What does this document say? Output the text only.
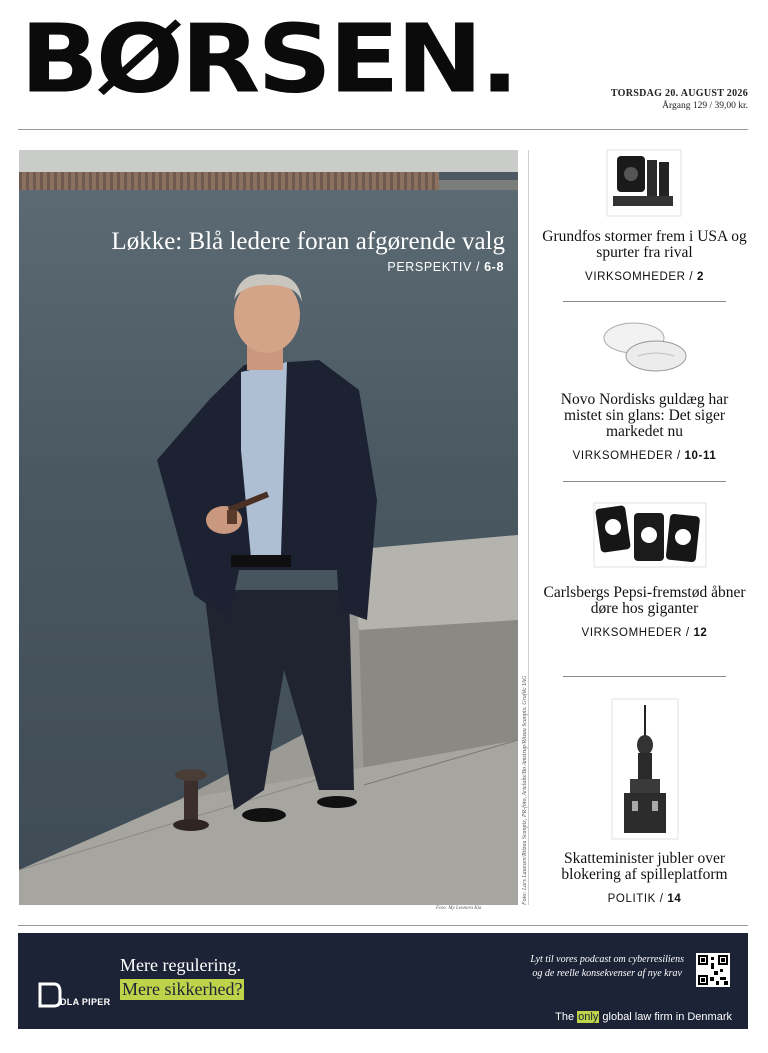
BØRSEN.	TORSDAG 20. AUGUST 2026
Årgang 129 / 39,00 kr.
Løkke: Blå ledere foran afgørende valg
PERSPEKTIV / 6-8
Foto: My Leonora Kia
Foto: Lars Lauesen/Ritzau Scanpix, PR-foto, Artelabs/Bo Amstrup/Ritzau Scanpix. Grafik: IAG
Grundfos stormer frem i USA og spurter fra rival
VIRKSOMHEDER / 2
Novo Nordisks guldæg har mistet sin glans: Det siger markedet nu
VIRKSOMHEDER / 10-11
Carlsbergs Pepsi-fremstød åbner døre hos giganter
VIRKSOMHEDER / 12
Skatteminister jubler over blokering af spilleplatform
POLITIK / 14
DLA PIPER
Mere regulering.
Mere sikkerhed?
Lyt til vores podcast om cyberresiliens
og de reelle konsekvenser af nye krav
The only global law firm in Denmark
